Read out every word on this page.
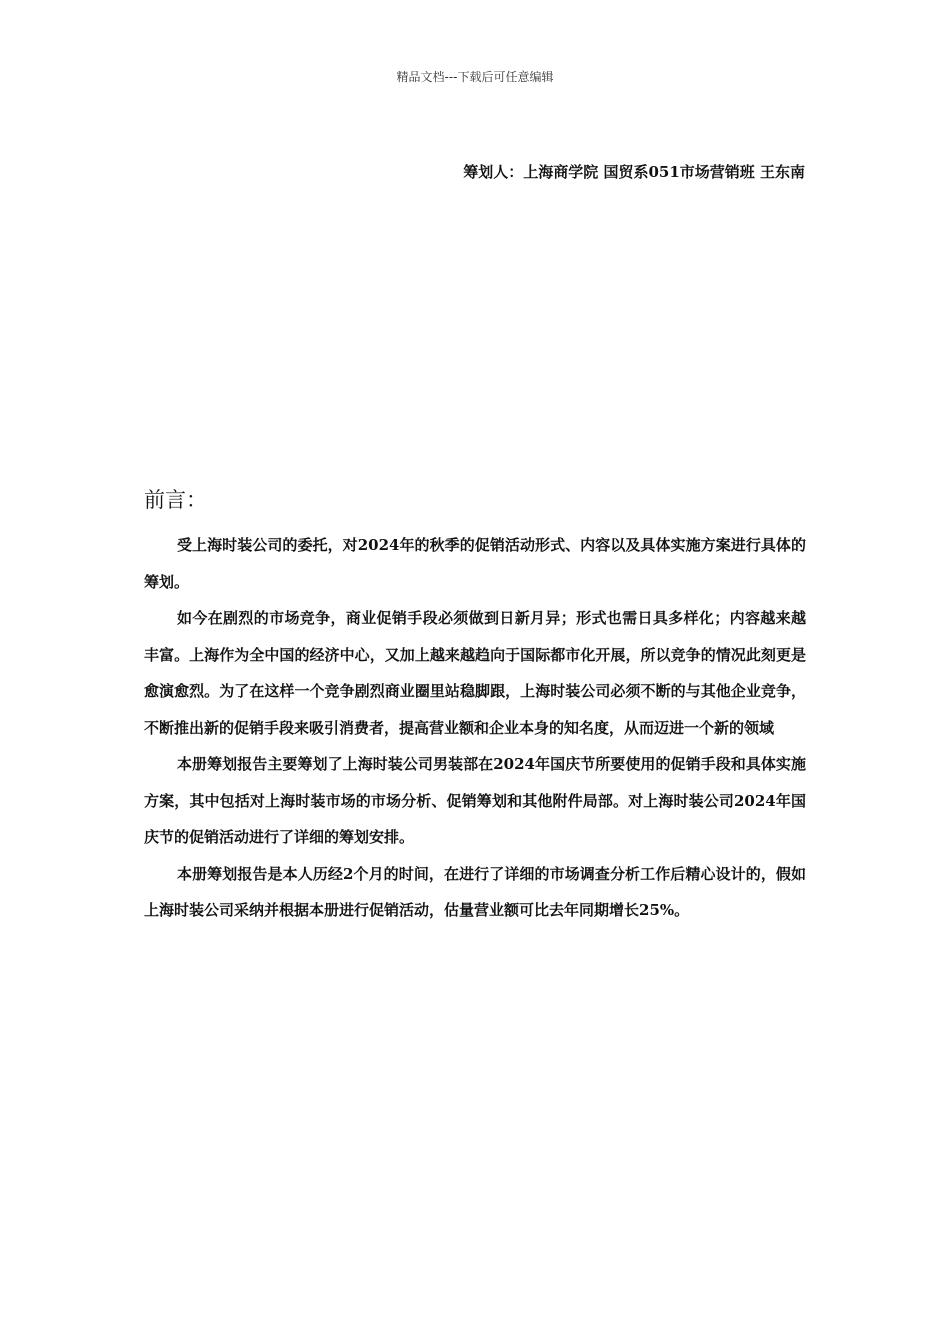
精品文档---下载后可任意编辑
筹划人：上海商学院 国贸系051市场营销班 王东南
前言：

受上海时装公司的委托，对2024年的秋季的促销活动形式、内容以及具体实施方案进行具体的筹划。

如今在剧烈的市场竞争，商业促销手段必须做到日新月异；形式也需日具多样化；内容越来越丰富。上海作为全中国的经济中心，又加上越来越趋向于国际都市化开展，所以竞争的情况此刻更是愈演愈烈。为了在这样一个竞争剧烈商业圈里站稳脚跟，上海时装公司必须不断的与其他企业竞争，不断推出新的促销手段来吸引消费者，提高营业额和企业本身的知名度，从而迈进一个新的领域

本册筹划报告主要筹划了上海时装公司男装部在2024年国庆节所要使用的促销手段和具体实施方案，其中包括对上海时装市场的市场分析、促销筹划和其他附件局部。对上海时装公司2024年国庆节的促销活动进行了详细的筹划安排。

本册筹划报告是本人历经2个月的时间，在进行了详细的市场调查分析工作后精心设计的，假如上海时装公司采纳并根据本册进行促销活动，估量营业额可比去年同期增长25%。
